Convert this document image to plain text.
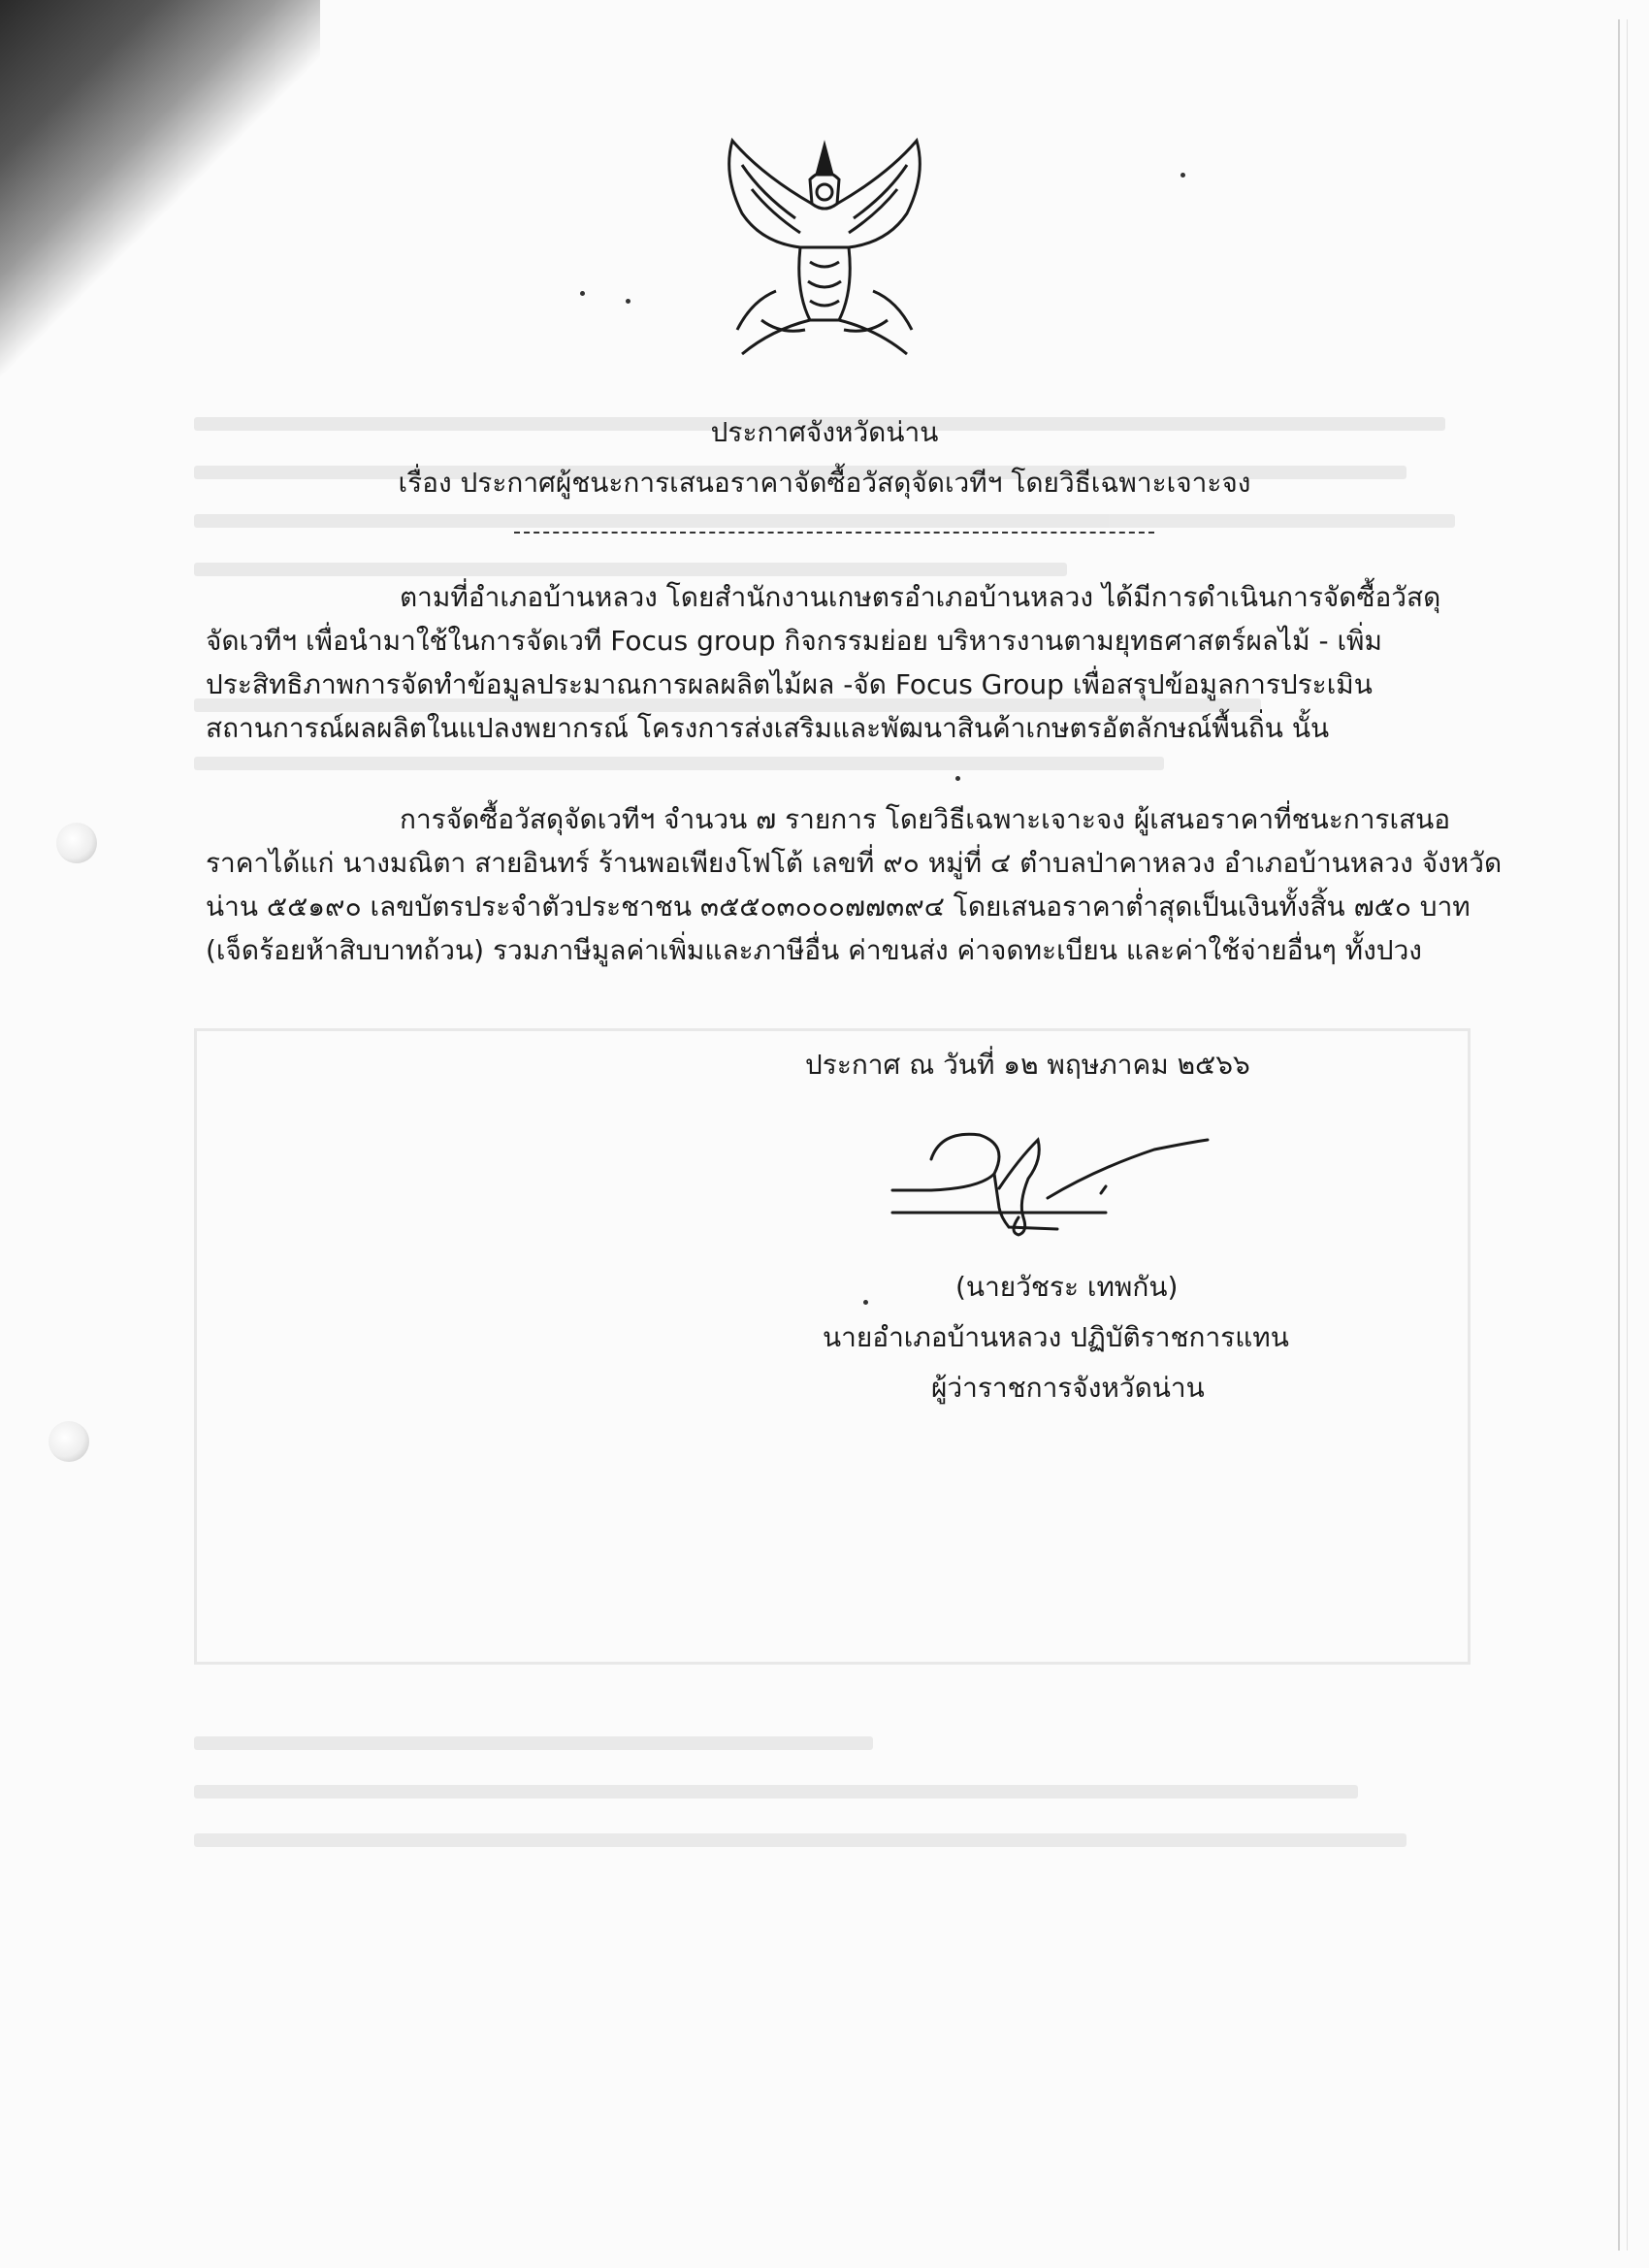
ประกาศจังหวัดน่าน
เรื่อง ประกาศผู้ชนะการเสนอราคาจัดซื้อวัสดุจัดเวทีฯ โดยวิธีเฉพาะเจาะจง
ตามที่อำเภอบ้านหลวง โดยสำนักงานเกษตรอำเภอบ้านหลวง ได้มีการดำเนินการจัดซื้อวัสดุ
จัดเวทีฯ เพื่อนำมาใช้ในการจัดเวที Focus group กิจกรรมย่อย บริหารงานตามยุทธศาสตร์ผลไม้ - เพิ่ม
ประสิทธิภาพการจัดทำข้อมูลประมาณการผลผลิตไม้ผล -จัด Focus Group เพื่อสรุปข้อมูลการประเมิน
สถานการณ์ผลผลิตในแปลงพยากรณ์ โครงการส่งเสริมและพัฒนาสินค้าเกษตรอัตลักษณ์พื้นถิ่น นั้น
การจัดซื้อวัสดุจัดเวทีฯ จำนวน ๗ รายการ โดยวิธีเฉพาะเจาะจง ผู้เสนอราคาที่ชนะการเสนอ
ราคาได้แก่ นางมณิตา สายอินทร์ ร้านพอเพียงโฟโต้ เลขที่ ๙๐ หมู่ที่ ๔ ตำบลป่าคาหลวง อำเภอบ้านหลวง จังหวัด
น่าน ๕๕๑๙๐ เลขบัตรประจำตัวประชาชน ๓๕๕๐๓๐๐๐๗๗๓๙๔ โดยเสนอราคาต่ำสุดเป็นเงินทั้งสิ้น ๗๕๐ บาท
(เจ็ดร้อยห้าสิบบาทถ้วน) รวมภาษีมูลค่าเพิ่มและภาษีอื่น ค่าขนส่ง ค่าจดทะเบียน และค่าใช้จ่ายอื่นๆ ทั้งปวง
ประกาศ ณ วันที่ ๑๒ พฤษภาคม ๒๕๖๖
(นายวัชระ เทพกัน)
นายอำเภอบ้านหลวง ปฏิบัติราชการแทน
ผู้ว่าราชการจังหวัดน่าน
